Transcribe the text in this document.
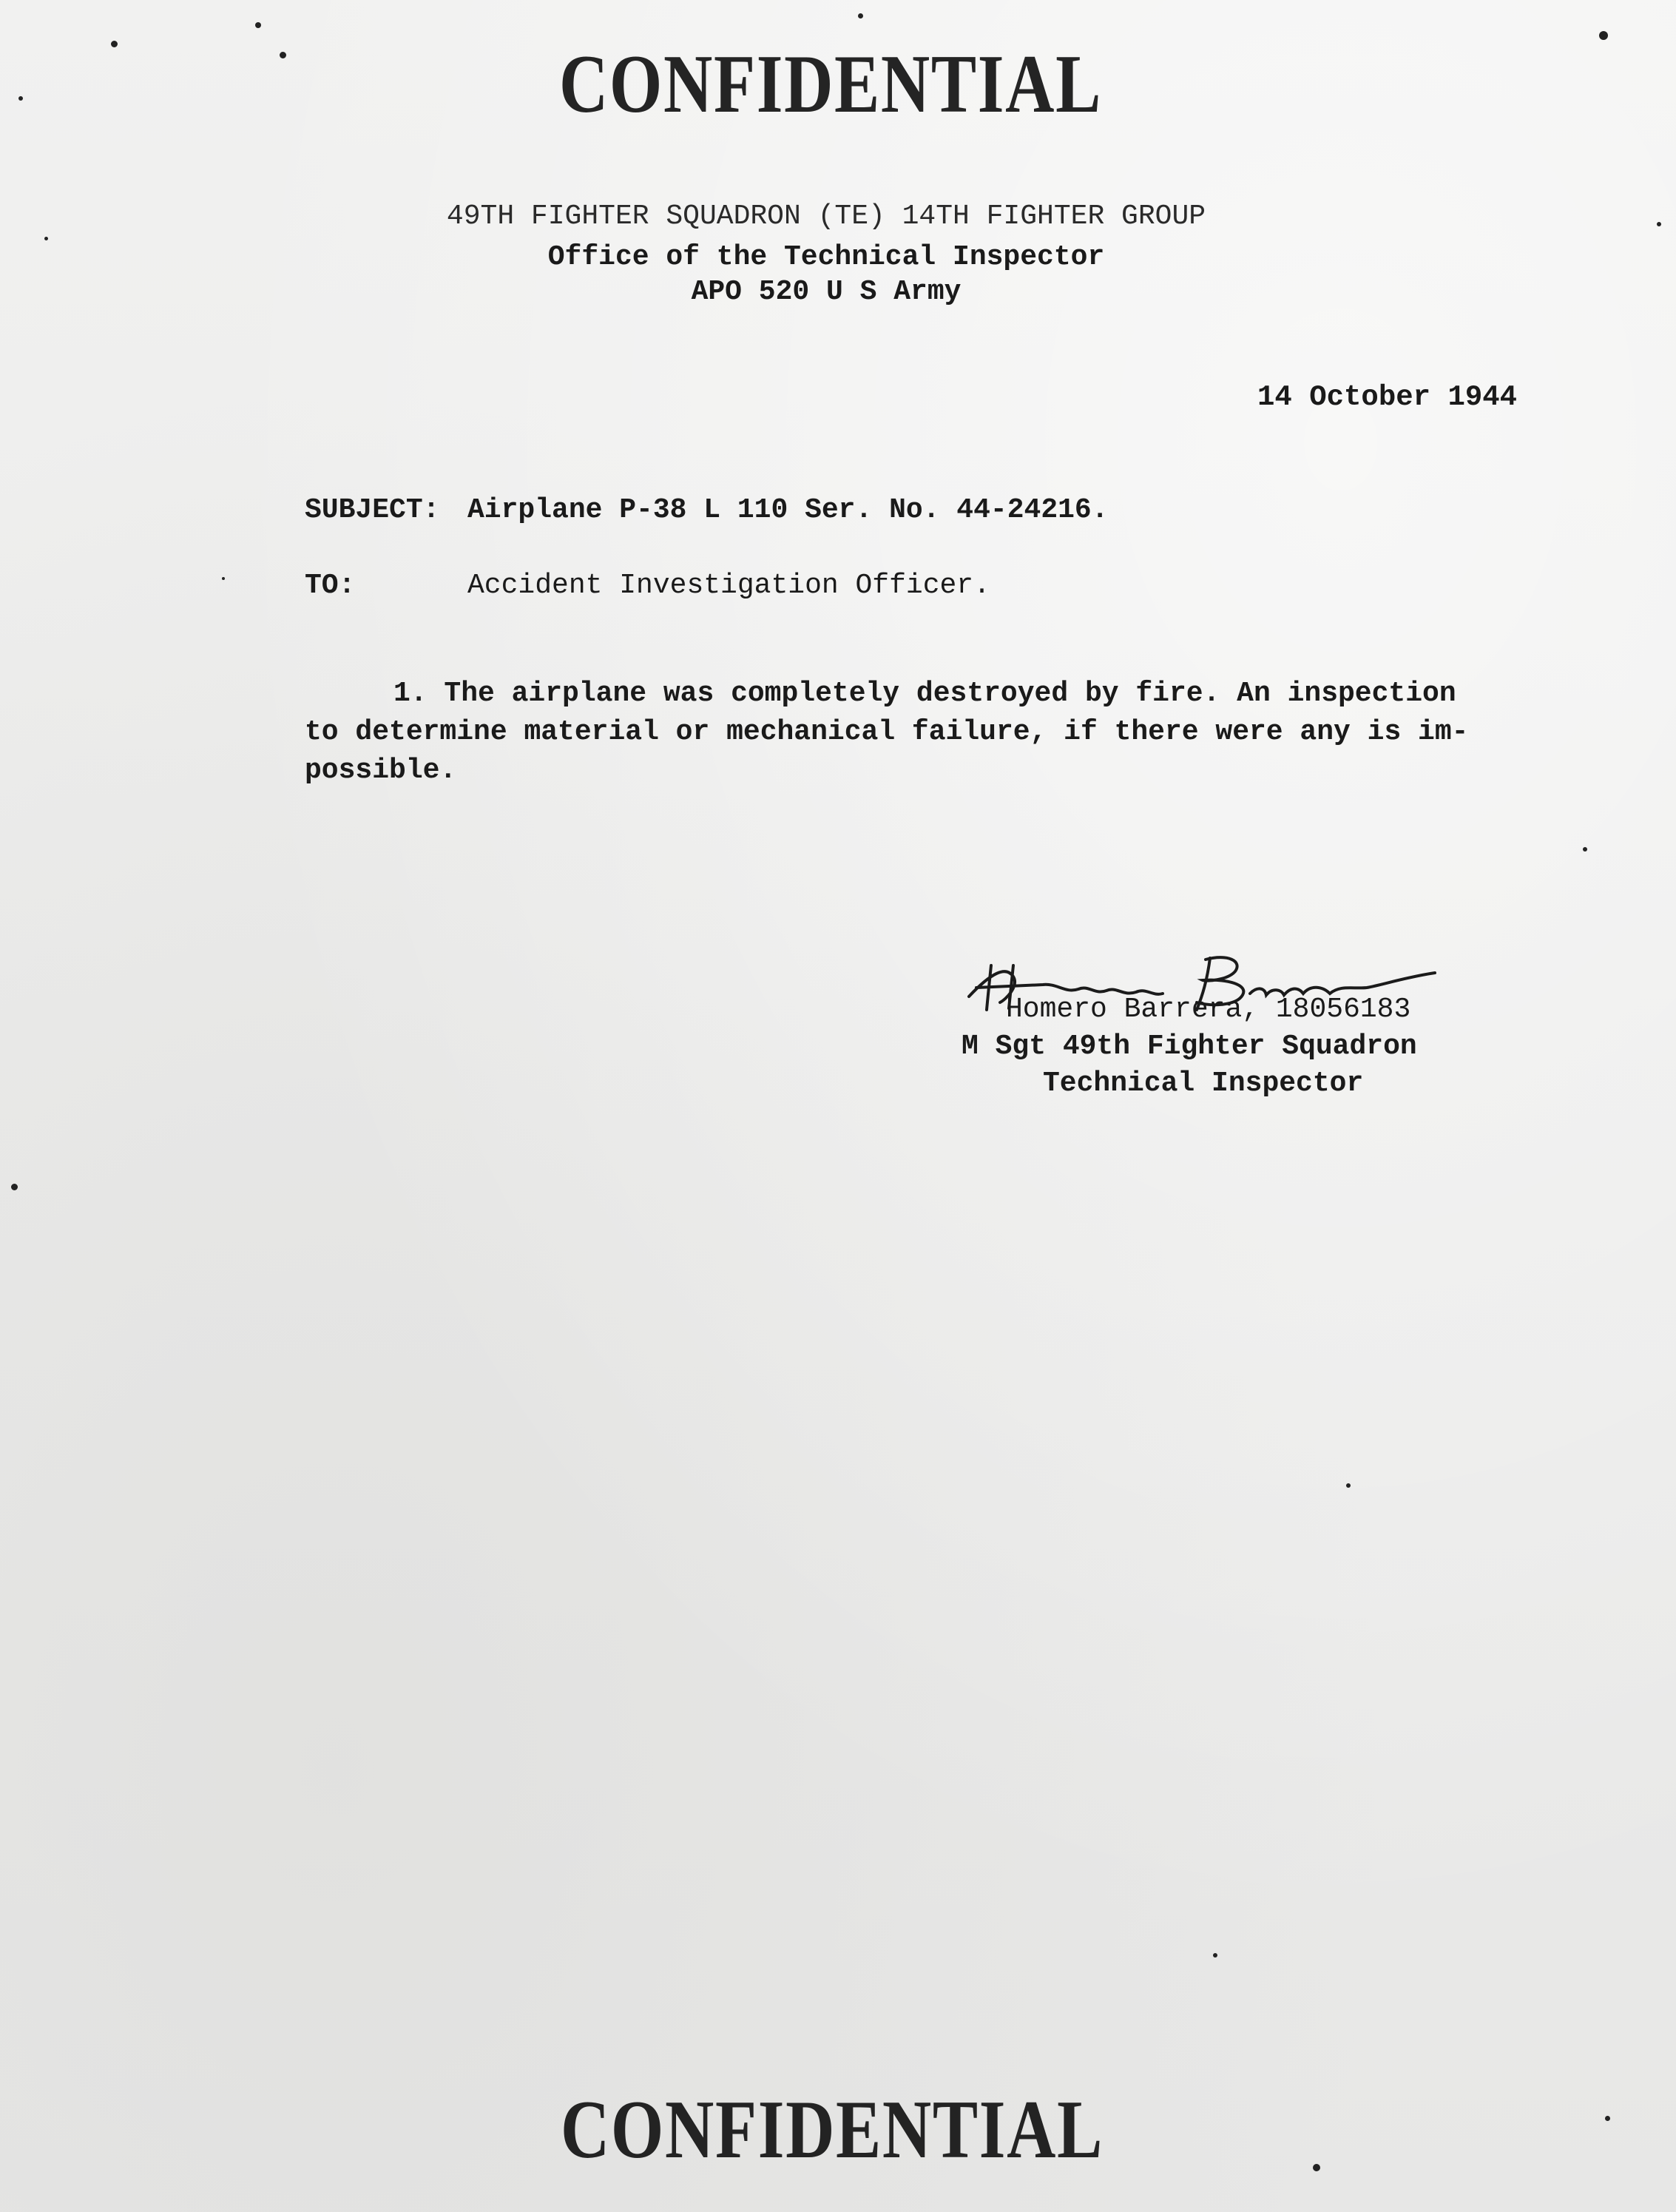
CONFIDENTIAL
49TH FIGHTER SQUADRON (TE) 14TH FIGHTER GROUP
Office of the Technical Inspector
APO 520 U S Army
14 October 1944
SUBJECT: Airplane P-38 L 110 Ser. No. 44-24216.
TO:	Accident Investigation Officer.
1. The airplane was completely destroyed by fire. An inspection
to determine material or mechanical failure, if there were any is im-
possible.
Homero Barrera, 18056183
M Sgt 49th Fighter Squadron
Technical Inspector
CONFIDENTIAL
